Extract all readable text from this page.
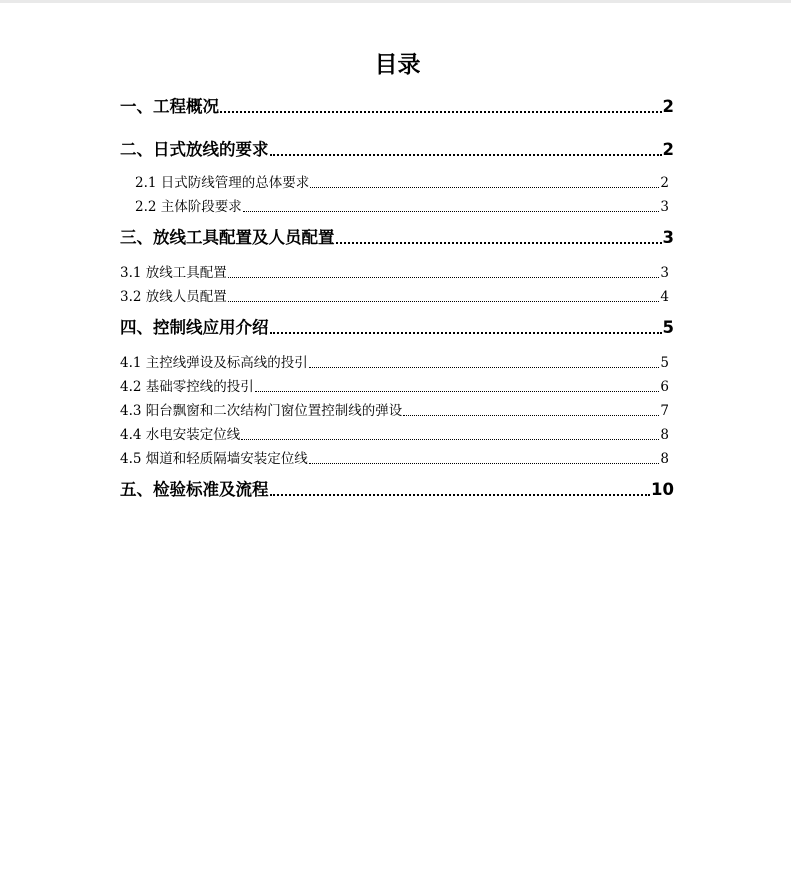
目录
一、工程概况	2
二、日式放线的要求	2
2.1 日式防线管理的总体要求	2
2.2 主体阶段要求	3
三、放线工具配置及人员配置	3
3.1 放线工具配置	3
3.2 放线人员配置	4
四、控制线应用介绍	5
4.1 主控线弹设及标高线的投引	5
4.2 基础零控线的投引	6
4.3 阳台飘窗和二次结构门窗位置控制线的弹设	7
4.4 水电安装定位线	8
4.5 烟道和轻质隔墙安装定位线	8
五、检验标准及流程	10
